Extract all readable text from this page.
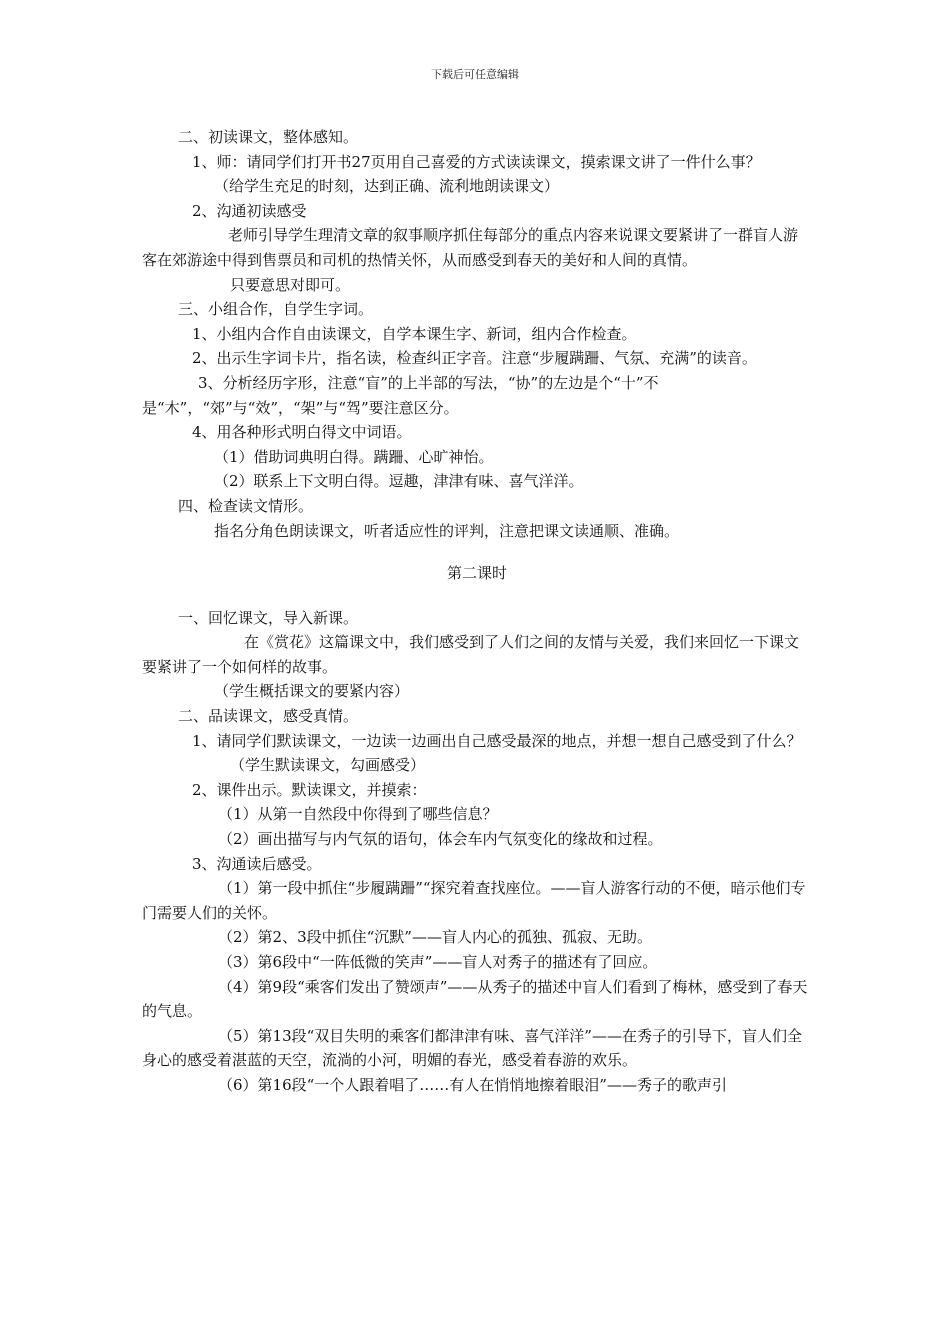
下载后可任意编辑

二、初读课文，整体感知。

1、师：请同学们打开书27页用自己喜爱的方式读读课文，摸索课文讲了一件什么事？

（给学生充足的时刻，达到正确、流利地朗读课文）

2、沟通初读感受

老师引导学生理清文章的叙事顺序抓住每部分的重点内容来说课文要紧讲了一群盲人游客在郊游途中得到售票员和司机的热情关怀，从而感受到春天的美好和人间的真情。

只要意思对即可。

三、小组合作，自学生字词。

1、小组内合作自由读课文，自学本课生字、新词，组内合作检查。

2、出示生字词卡片，指名读，检查纠正字音。注意“步履蹒跚、气氛、充满”的读音。

3、分析经历字形，注意“盲”的上半部的写法，“协”的左边是个“十”不是“木”，“郊”与“效”，“架”与“驾”要注意区分。

4、用各种形式明白得文中词语。

（1）借助词典明白得。蹒跚、心旷神怡。

（2）联系上下文明白得。逗趣，津津有味、喜气洋洋。

四、检查读文情形。

指名分角色朗读课文，听者适应性的评判，注意把课文读通顺、准确。

第二课时

一、回忆课文，导入新课。

在《赏花》这篇课文中，我们感受到了人们之间的友情与关爱，我们来回忆一下课文要紧讲了一个如何样的故事。

（学生概括课文的要紧内容）

二、品读课文，感受真情。

1、请同学们默读课文，一边读一边画出自己感受最深的地点，并想一想自己感受到了什么？

（学生默读课文，勾画感受）

2、课件出示。默读课文，并摸索：

（1）从第一自然段中你得到了哪些信息？

（2）画出描写与内气氛的语句，体会车内气氛变化的缘故和过程。

3、沟通读后感受。

（1）第一段中抓住“步履蹒跚”“探究着查找座位。——盲人游客行动的不便，暗示他们专门需要人们的关怀。

（2）第2、3段中抓住“沉默”——盲人内心的孤独、孤寂、无助。

（3）第6段中“一阵低微的笑声”——盲人对秀子的描述有了回应。

（4）第9段“乘客们发出了赞颂声”——从秀子的描述中盲人们看到了梅林，感受到了春天的气息。

（5）第13段“双目失明的乘客们都津津有味、喜气洋洋”——在秀子的引导下，盲人们全身心的感受着湛蓝的天空，流淌的小河，明媚的春光，感受着春游的欢乐。

（6）第16段“一个人跟着唱了……有人在悄悄地擦着眼泪”——秀子的歌声引
